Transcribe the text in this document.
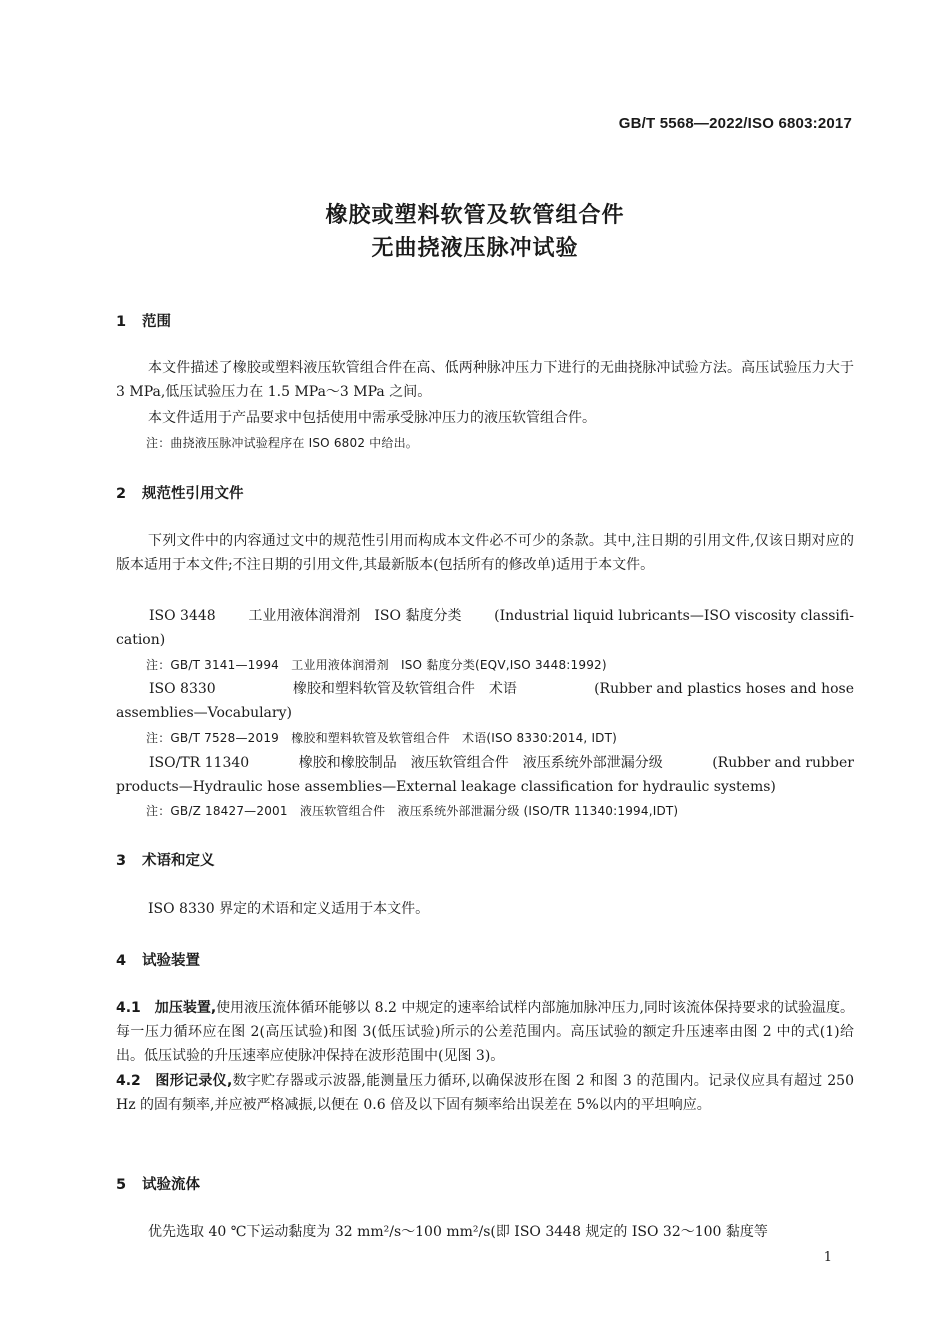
GB/T 5568—2022/ISO 6803:2017
橡胶或塑料软管及软管组合件
无曲挠液压脉冲试验
1 范围
本文件描述了橡胶或塑料液压软管组合件在高、低两种脉冲压力下进行的无曲挠脉冲试验方法。高压试验压力大于 3 MPa,低压试验压力在 1.5 MPa～3 MPa 之间。
本文件适用于产品要求中包括使用中需承受脉冲压力的液压软管组合件。
注：曲挠液压脉冲试验程序在 ISO 6802 中给出。
2 规范性引用文件
下列文件中的内容通过文中的规范性引用而构成本文件必不可少的条款。其中,注日期的引用文件,仅该日期对应的版本适用于本文件;不注日期的引用文件,其最新版本(包括所有的修改单)适用于本文件。
ISO 3448 工业用液体润滑剂　ISO 黏度分类 (Industrial liquid lubricants—ISO viscosity classifi-
cation)
注：GB/T 3141—1994　工业用液体润滑剂　ISO 黏度分类(EQV,ISO 3448:1992)
ISO 8330	橡胶和塑料软管及软管组合件　术语	(Rubber and plastics hoses and hose
assemblies—Vocabulary)
注：GB/T 7528—2019　橡胶和塑料软管及软管组合件　术语(ISO 8330:2014, IDT)
ISO/TR 11340	橡胶和橡胶制品　液压软管组合件　液压系统外部泄漏分级	(Rubber and rubber
products—Hydraulic hose assemblies—External leakage classification for hydraulic systems)
注：GB/Z 18427—2001　液压软管组合件　液压系统外部泄漏分级 (ISO/TR 11340:1994,IDT)
3 术语和定义
ISO 8330 界定的术语和定义适用于本文件。
4 试验装置
4.1　加压装置,使用液压流体循环能够以 8.2 中规定的速率给试样内部施加脉冲压力,同时该流体保持要求的试验温度。每一压力循环应在图 2(高压试验)和图 3(低压试验)所示的公差范围内。高压试验的额定升压速率由图 2 中的式(1)给出。低压试验的升压速率应使脉冲保持在波形范围中(见图 3)。
4.2　图形记录仪,数字贮存器或示波器,能测量压力循环,以确保波形在图 2 和图 3 的范围内。记录仪应具有超过 250 Hz 的固有频率,并应被严格减振,以便在 0.6 倍及以下固有频率给出误差在 5%以内的平坦响应。
5 试验流体
优先选取 40 ℃下运动黏度为 32 mm²/s～100 mm²/s(即 ISO 3448 规定的 ISO 32～100 黏度等
1
